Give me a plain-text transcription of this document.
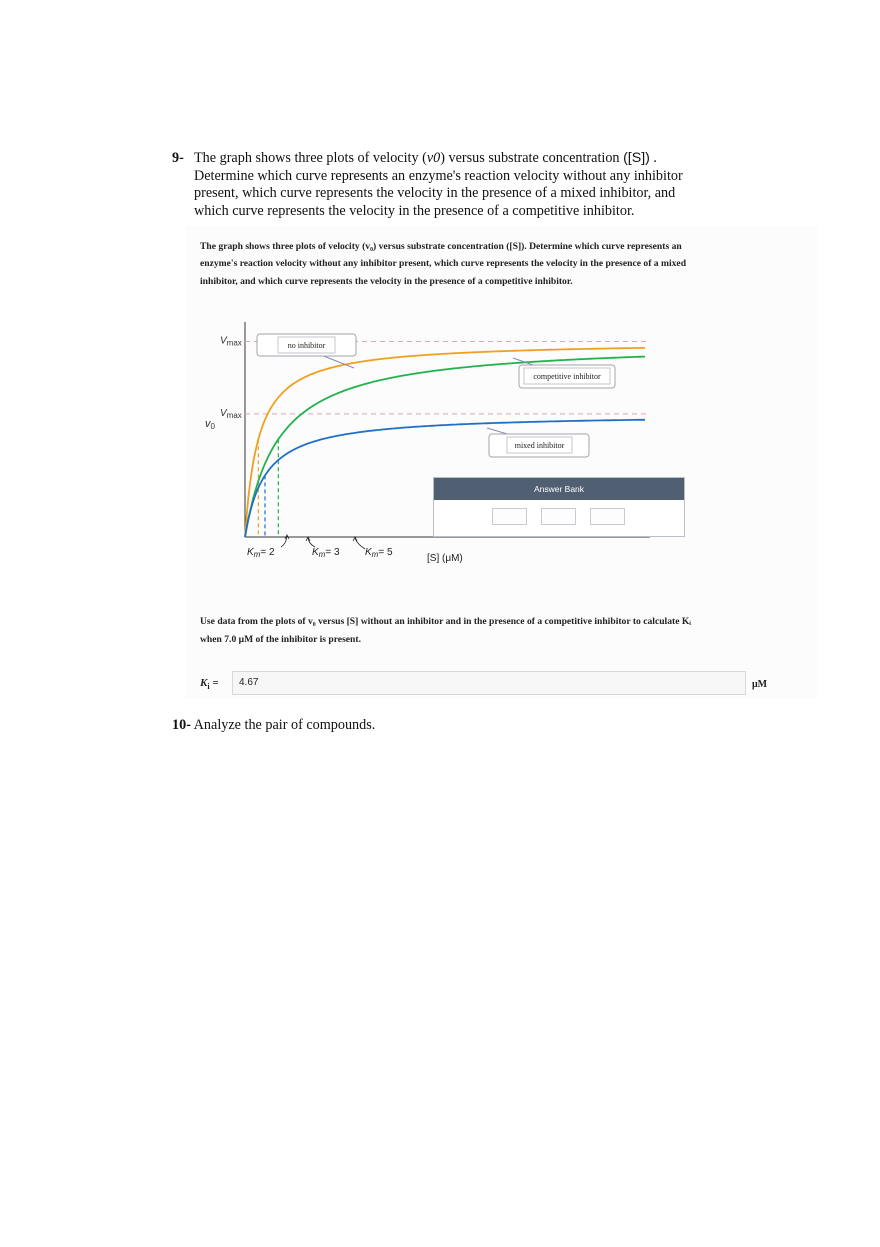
9- The graph shows three plots of velocity (v0) versus substrate concentration ([S]) .
Determine which curve represents an enzyme's reaction velocity without any inhibitor
present, which curve represents the velocity in the presence of a mixed inhibitor, and
which curve represents the velocity in the presence of a competitive inhibitor.
The graph shows three plots of velocity (v₀) versus substrate concentration ([S]). Determine which curve represents an
enzyme's reaction velocity without any inhibitor present, which curve represents the velocity in the presence of a mixed
inhibitor, and which curve represents the velocity in the presence of a competitive inhibitor.
$V_{max}$
$V_{max}$
v0
no inhibitor
competitive inhibitor
mixed inhibitor
$K_m= 2$	$K_m= 3$	$K_m= 5$
[S] (μM)
Answer Bank
Use data from the plots of v₀ versus [S] without an inhibitor and in the presence of a competitive inhibitor to calculate Kᵢ
when 7.0 μM of the inhibitor is present.
$K_i$ =	4.67	μM
10- Analyze the pair of compounds.
